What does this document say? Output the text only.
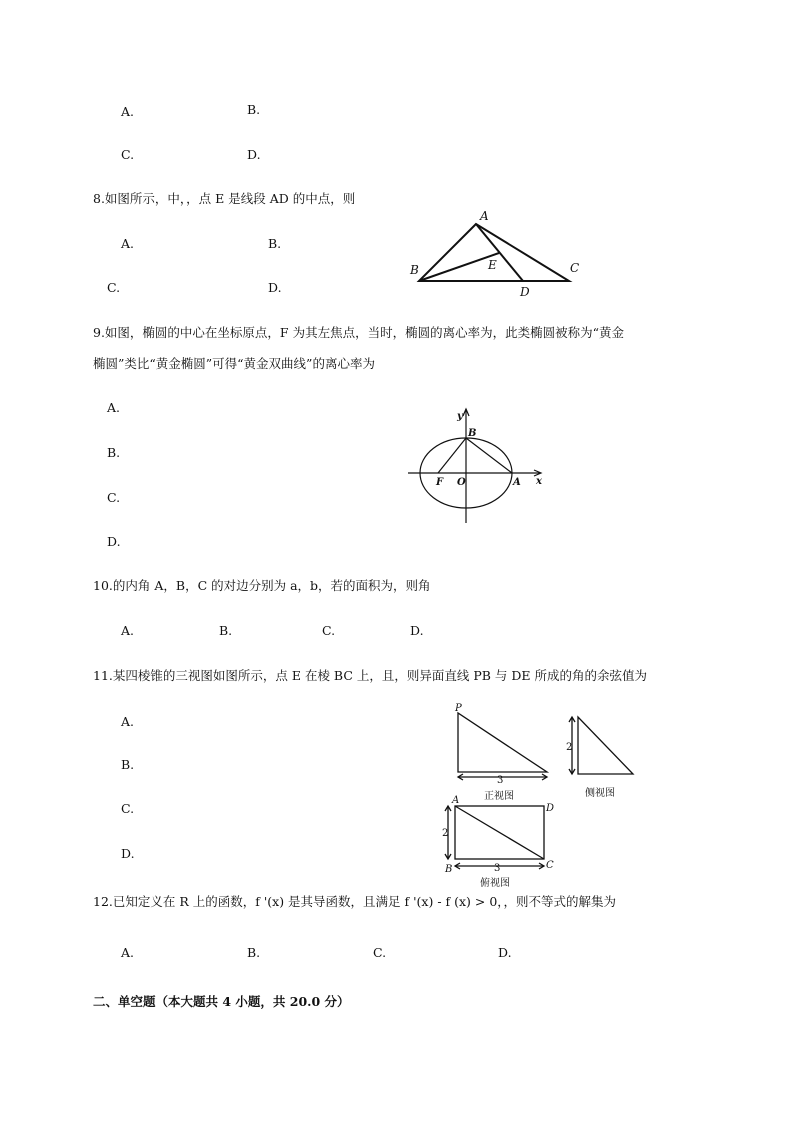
A.	B.
C.	D.
8.如图所示，中，，点 E 是线段 AD 的中点，则
A.	B.
C.	D.
A
B	C
D
E
9.如图，椭圆的中心在坐标原点，F 为其左焦点，当时，椭圆的离心率为，此类椭圆被称为“黄金
椭圆”类比“黄金椭圆”可得“黄金双曲线”的离心率为
A.
B.
C.
D.
y
B
F O	A x
10.的内角 A，B，C 的对边分别为 a，b，若的面积为，则角
A.	B.	C.	D.
11.某四棱锥的三视图如图所示，点 E 在棱 BC 上，且，则异面直线 PB 与 DE 所成的角的余弦值为
A.
B.
C.
D.
P
A
B	C
D
3
2
2
3
正视图	侧视图
俯视图
12.已知定义在 R 上的函数，f '(x) 是其导函数，且满足 f '(x) - f (x) > 0，，则不等式的解集为
A.	B.	C.	D.
二、单空题（本大题共 4 小题，共 20.0 分）
